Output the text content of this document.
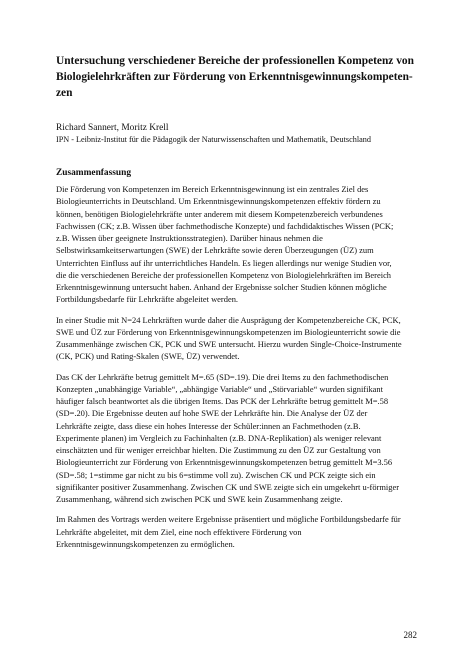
Untersuchung verschiedener Bereiche der professionellen Kompetenz von
Biologielehrkräften zur Förderung von Erkenntnisgewinnungskompeten-
zen
Richard Sannert, Moritz Krell
IPN - Leibniz-Institut für die Pädagogik der Naturwissenschaften und Mathematik, Deutschland
Zusammenfassung
Die Förderung von Kompetenzen im Bereich Erkenntnisgewinnung ist ein zentrales Ziel des
Biologieunterrichts in Deutschland. Um Erkenntnisgewinnungskompetenzen effektiv fördern zu
können, benötigen Biologielehrkräfte unter anderem mit diesem Kompetenzbereich verbundenes
Fachwissen (CK; z.B. Wissen über fachmethodische Konzepte) und fachdidaktisches Wissen (PCK;
z.B. Wissen über geeignete Instruktionsstrategien). Darüber hinaus nehmen die
Selbstwirksamkeitserwartungen (SWE) der Lehrkräfte sowie deren Überzeugungen (ÜZ) zum
Unterrichten Einfluss auf ihr unterrichtliches Handeln. Es liegen allerdings nur wenige Studien vor,
die die verschiedenen Bereiche der professionellen Kompetenz von Biologielehrkräften im Bereich
Erkenntnisgewinnung untersucht haben. Anhand der Ergebnisse solcher Studien können mögliche
Fortbildungsbedarfe für Lehrkräfte abgeleitet werden.
In einer Studie mit N=24 Lehrkräften wurde daher die Ausprägung der Kompetenzbereiche CK, PCK,
SWE und ÜZ zur Förderung von Erkenntnisgewinnungskompetenzen im Biologieunterricht sowie die
Zusammenhänge zwischen CK, PCK und SWE untersucht. Hierzu wurden Single-Choice-Instrumente
(CK, PCK) und Rating-Skalen (SWE, ÜZ) verwendet.
Das CK der Lehrkräfte betrug gemittelt M=.65 (SD=.19). Die drei Items zu den fachmethodischen
Konzepten „unabhängige Variable“, „abhängige Variable“ und „Störvariable“ wurden signifikant
häufiger falsch beantwortet als die übrigen Items. Das PCK der Lehrkräfte betrug gemittelt M=.58
(SD=.20). Die Ergebnisse deuten auf hohe SWE der Lehrkräfte hin. Die Analyse der ÜZ der
Lehrkräfte zeigte, dass diese ein hohes Interesse der Schüler:innen an Fachmethoden (z.B.
Experimente planen) im Vergleich zu Fachinhalten (z.B. DNA-Replikation) als weniger relevant
einschätzten und für weniger erreichbar hielten. Die Zustimmung zu den ÜZ zur Gestaltung von
Biologieunterricht zur Förderung von Erkenntnisgewinnungskompetenzen betrug gemittelt M=3.56
(SD=.58; 1=stimme gar nicht zu bis 6=stimme voll zu). Zwischen CK und PCK zeigte sich ein
signifikanter positiver Zusammenhang. Zwischen CK und SWE zeigte sich ein umgekehrt u-förmiger
Zusammenhang, während sich zwischen PCK und SWE kein Zusammenhang zeigte.
Im Rahmen des Vortrags werden weitere Ergebnisse präsentiert und mögliche Fortbildungsbedarfe für
Lehrkräfte abgeleitet, mit dem Ziel, eine noch effektivere Förderung von
Erkenntnisgewinnungskompetenzen zu ermöglichen.
282
